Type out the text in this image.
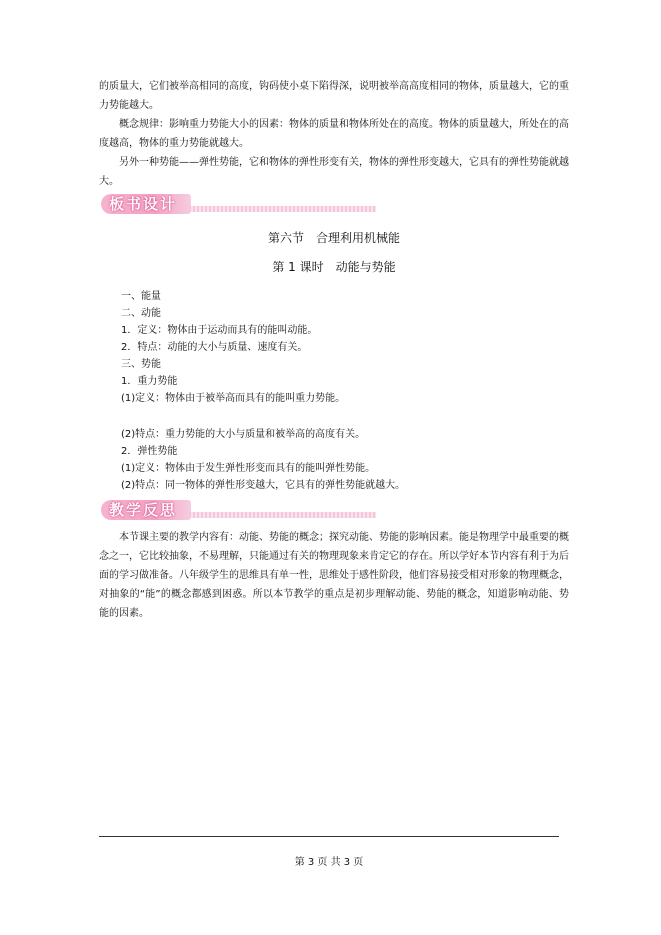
的质量大，它们被举高相同的高度，钩码使小桌下陷得深，说明被举高高度相同的物体，质量越大，它的重力势能越大。
概念规律：影响重力势能大小的因素：物体的质量和物体所处在的高度。物体的质量越大，所处在的高度越高，物体的重力势能就越大。
另外一种势能——弹性势能，它和物体的弹性形变有关，物体的弹性形变越大，它具有的弹性势能就越大。
板书设计
第六节　合理利用机械能
第 1 课时　动能与势能
一、能量
二、动能
1．定义：物体由于运动而具有的能叫动能。
2．特点：动能的大小与质量、速度有关。
三、势能
1．重力势能
(1)定义：物体由于被举高而具有的能叫重力势能。
(2)特点：重力势能的大小与质量和被举高的高度有关。
2．弹性势能
(1)定义：物体由于发生弹性形变而具有的能叫弹性势能。
(2)特点：同一物体的弹性形变越大，它具有的弹性势能就越大。
教学反思
本节课主要的教学内容有：动能、势能的概念；探究动能、势能的影响因素。能是物理学中最重要的概念之一，它比较抽象，不易理解，只能通过有关的物理现象来肯定它的存在。所以学好本节内容有利于为后面的学习做准备。八年级学生的思维具有单一性，思维处于感性阶段，他们容易接受相对形象的物理概念，对抽象的“能”的概念都感到困惑。所以本节教学的重点是初步理解动能、势能的概念，知道影响动能、势能的因素。
第 3 页 共 3 页
